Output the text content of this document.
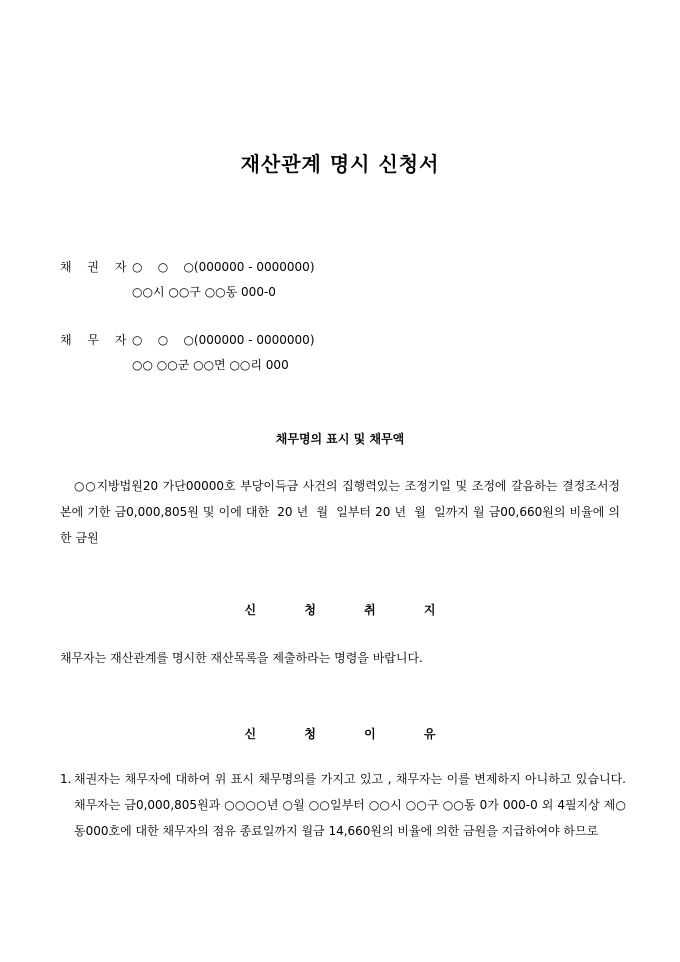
재산관계 명시 신청서
채 권 자○    ○    ○(000000 - 0000000)
○○시 ○○구 ○○동 000-0
채 무 자○    ○    ○(000000 - 0000000)
○○ ○○군 ○○면 ○○리 000
채무명의 표시 및 채무액
○○지방법원20 가단00000호 부당이득금 사건의 집행력있는 조정기일 및 조정에 갈음하는 결정조서정본에 기한 금0,000,805원 및 이에 대한  20 년  월  일부터 20 년  월  일까지 월 금00,660원의 비율에 의한 금원
신 청 취 지
채무자는 재산관계를 명시한 재산목록을 제출하라는 명령을 바랍니다.
신 청 이 유
1. 채권자는 채무자에 대하여 위 표시 채무명의를 가지고 있고 , 채무자는 이를 변제하지 아니하고 있습니다. 채무자는 금0,000,805원과 ○○○○년 ○월 ○○일부터 ○○시 ○○구 ○○동 0가 000-0 외 4필지상 제○동000호에 대한 채무자의 점유 종료일까지 월금 14,660원의 비율에 의한 금원을 지급하여야 하므로
